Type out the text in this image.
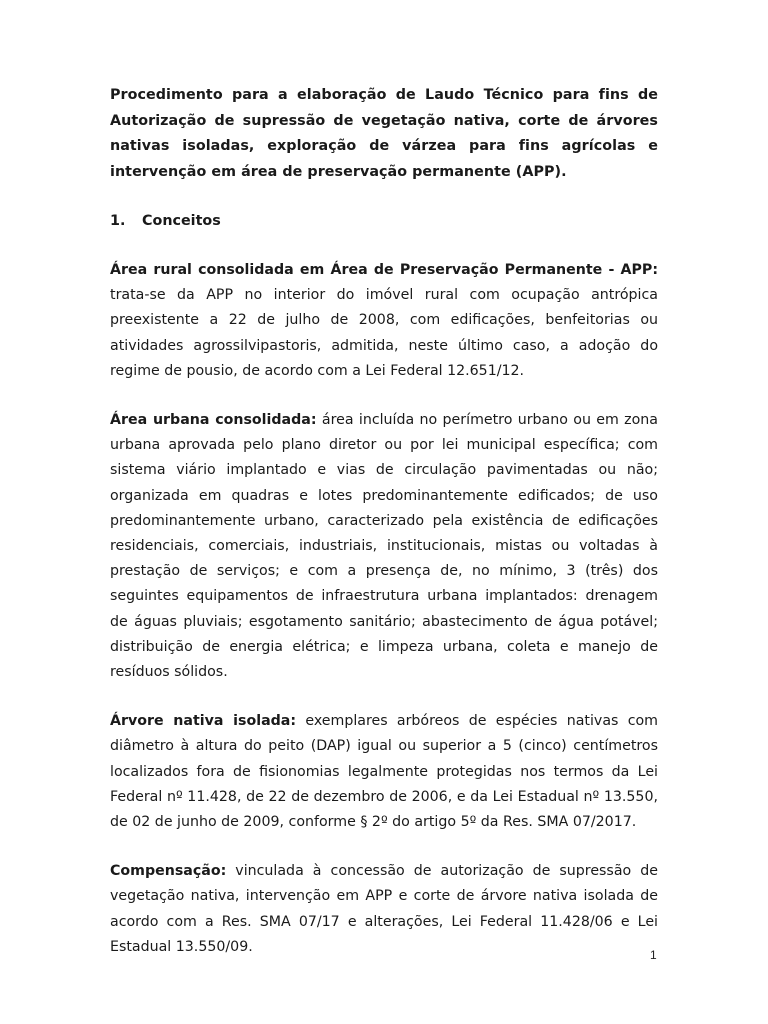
Procedimento para a elaboração de Laudo Técnico para fins de Autorização de supressão de vegetação nativa, corte de árvores nativas isoladas, exploração de várzea para fins agrícolas e intervenção em área de preservação permanente (APP).

1.	Conceitos

Área rural consolidada em Área de Preservação Permanente - APP: trata-se da APP no interior do imóvel rural com ocupação antrópica preexistente a 22 de julho de 2008, com edificações, benfeitorias ou atividades agrossilvipastoris, admitida, neste último caso, a adoção do regime de pousio, de acordo com a Lei Federal 12.651/12.

Área urbana consolidada: área incluída no perímetro urbano ou em zona urbana aprovada pelo plano diretor ou por lei municipal específica; com sistema viário implantado e vias de circulação pavimentadas ou não; organizada em quadras e lotes predominantemente edificados; de uso predominantemente urbano, caracterizado pela existência de edificações residenciais, comerciais, industriais, institucionais, mistas ou voltadas à prestação de serviços; e com a presença de, no mínimo, 3 (três) dos seguintes equipamentos de infraestrutura urbana implantados: drenagem de águas pluviais; esgotamento sanitário; abastecimento de água potável; distribuição de energia elétrica; e limpeza urbana, coleta e manejo de resíduos sólidos.

Árvore nativa isolada: exemplares arbóreos de espécies nativas com diâmetro à altura do peito (DAP) igual ou superior a 5 (cinco) centímetros localizados fora de fisionomias legalmente protegidas nos termos da Lei Federal nº 11.428, de 22 de dezembro de 2006, e da Lei Estadual nº 13.550, de 02 de junho de 2009, conforme § 2º do artigo 5º da Res. SMA 07/2017.

Compensação: vinculada à concessão de autorização de supressão de vegetação nativa, intervenção em APP e corte de árvore nativa isolada de acordo com a Res. SMA 07/17 e alterações, Lei Federal 11.428/06 e Lei Estadual 13.550/09.

1
